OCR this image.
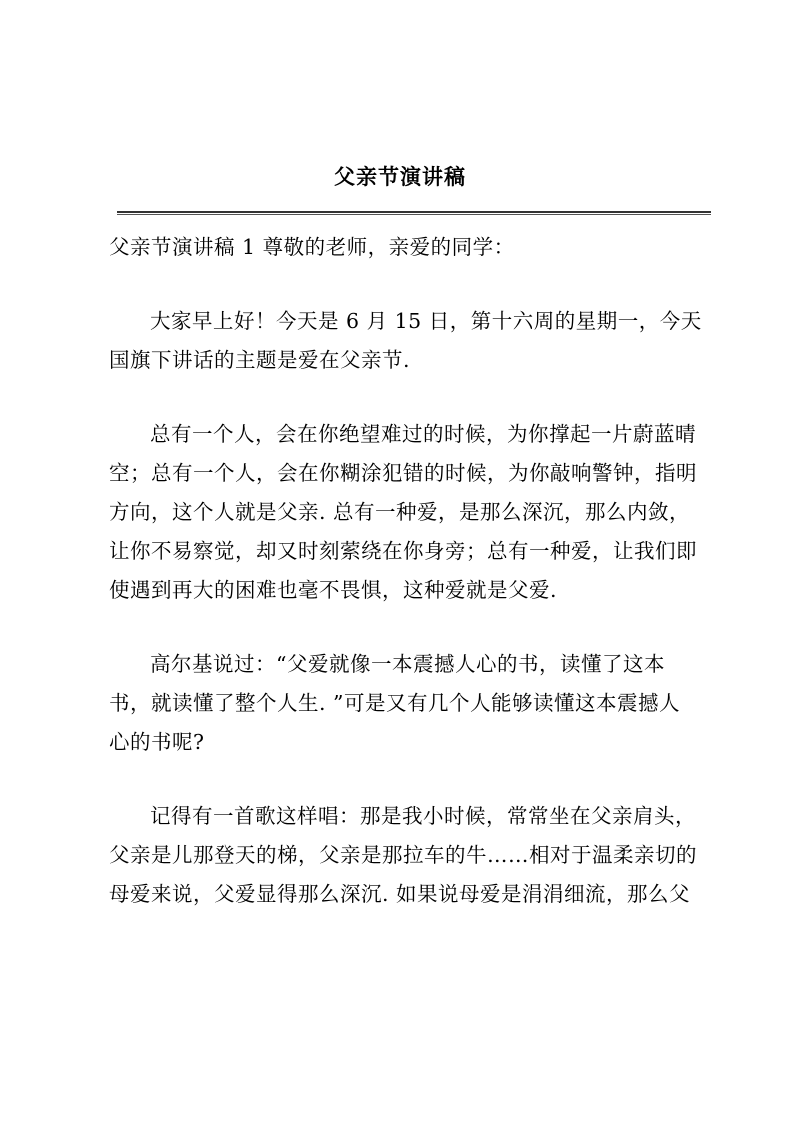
父亲节演讲稿
父亲节演讲稿 1 尊敬的老师，亲爱的同学：
大家早上好！今天是 6 月 15 日，第十六周的星期一，今天
国旗下讲话的主题是爱在父亲节.
总有一个人，会在你绝望难过的时候，为你撑起一片蔚蓝晴
空；总有一个人，会在你糊涂犯错的时候，为你敲响警钟，指明
方向，这个人就是父亲. 总有一种爱，是那么深沉，那么内敛，
让你不易察觉，却又时刻萦绕在你身旁；总有一种爱，让我们即
使遇到再大的困难也毫不畏惧，这种爱就是父爱.
高尔基说过：“父爱就像一本震撼人心的书，读懂了这本
书，就读懂了整个人生. ”可是又有几个人能够读懂这本震撼人
心的书呢?
记得有一首歌这样唱：那是我小时候，常常坐在父亲肩头，
父亲是儿那登天的梯，父亲是那拉车的牛……相对于温柔亲切的
母爱来说，父爱显得那么深沉. 如果说母爱是涓涓细流，那么父
